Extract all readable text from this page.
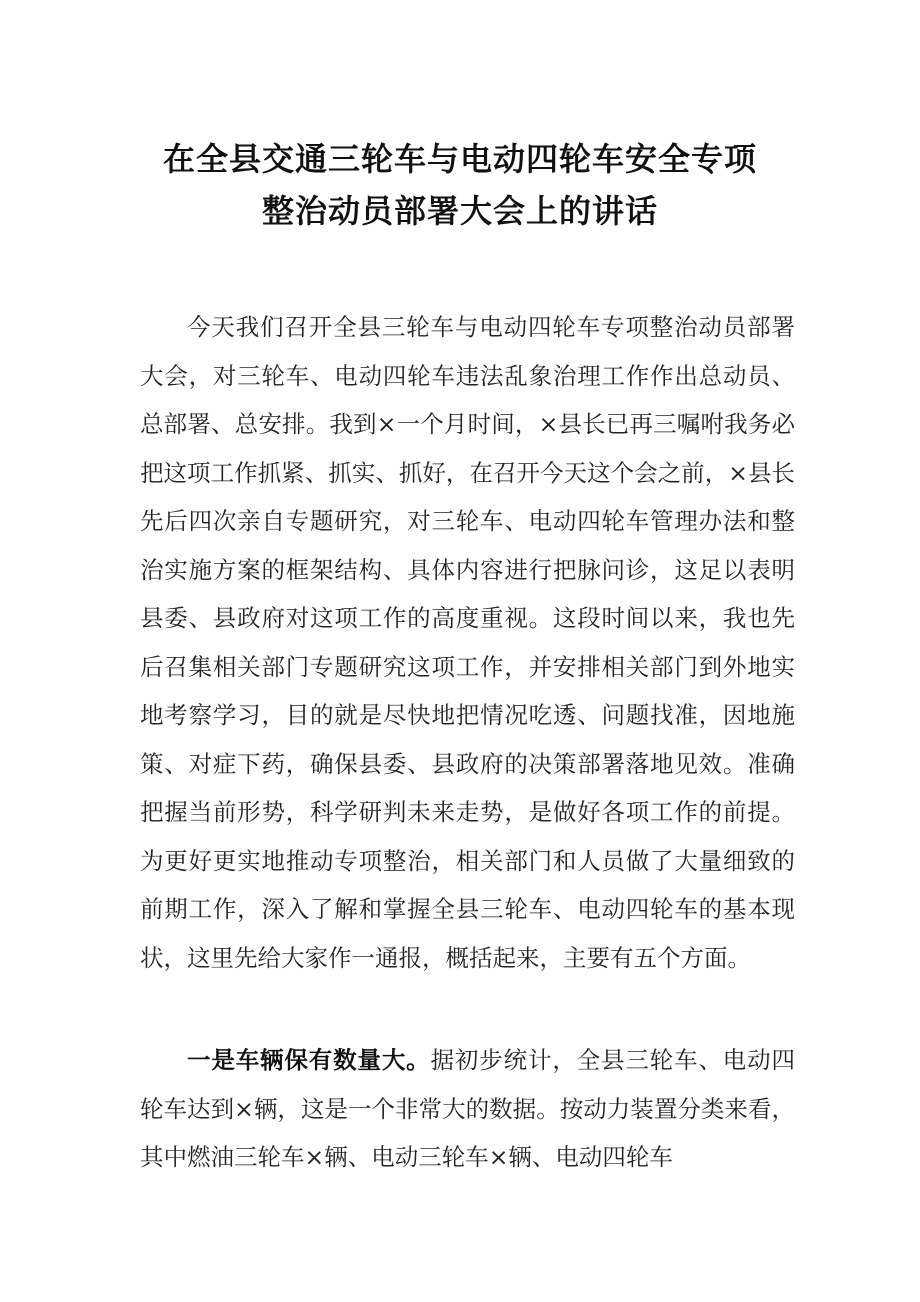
在全县交通三轮车与电动四轮车安全专项
整治动员部署大会上的讲话

今天我们召开全县三轮车与电动四轮车专项整治动员部署大会，对三轮车、电动四轮车违法乱象治理工作作出总动员、总部署、总安排。我到×一个月时间，×县长已再三嘱咐我务必把这项工作抓紧、抓实、抓好，在召开今天这个会之前，×县长先后四次亲自专题研究，对三轮车、电动四轮车管理办法和整治实施方案的框架结构、具体内容进行把脉问诊，这足以表明县委、县政府对这项工作的高度重视。这段时间以来，我也先后召集相关部门专题研究这项工作，并安排相关部门到外地实地考察学习，目的就是尽快地把情况吃透、问题找准，因地施策、对症下药，确保县委、县政府的决策部署落地见效。准确把握当前形势，科学研判未来走势，是做好各项工作的前提。为更好更实地推动专项整治，相关部门和人员做了大量细致的前期工作，深入了解和掌握全县三轮车、电动四轮车的基本现状，这里先给大家作一通报，概括起来，主要有五个方面。

一是车辆保有数量大。据初步统计，全县三轮车、电动四轮车达到×辆，这是一个非常大的数据。按动力装置分类来看，其中燃油三轮车×辆、电动三轮车×辆、电动四轮车
